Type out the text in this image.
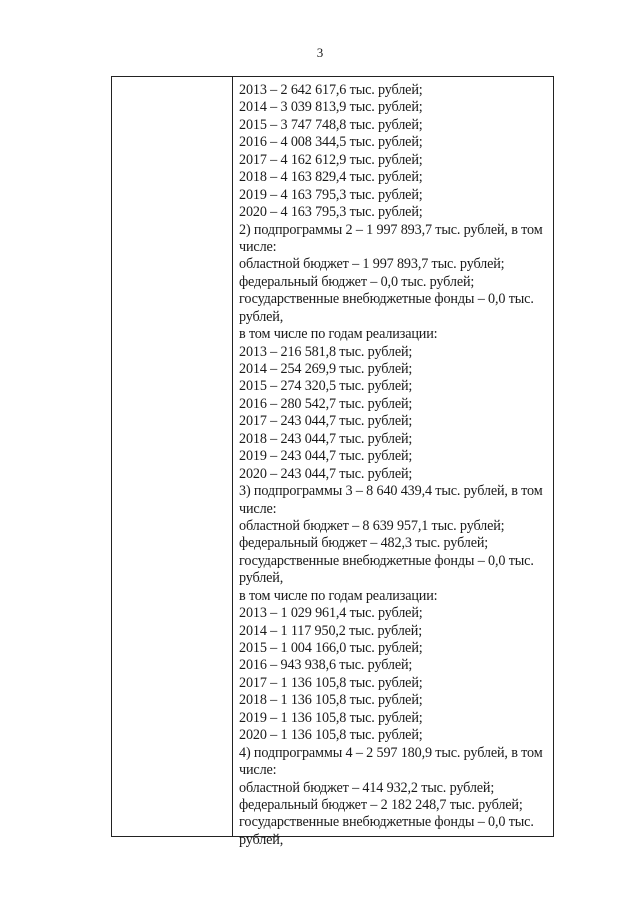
3
2013 – 2 642 617,6 тыс. рублей;
2014 – 3 039 813,9 тыс. рублей;
2015 – 3 747 748,8 тыс. рублей;
2016 – 4 008 344,5 тыс. рублей;
2017 – 4 162 612,9 тыс. рублей;
2018 – 4 163 829,4 тыс. рублей;
2019 – 4 163 795,3 тыс. рублей;
2020 – 4 163 795,3 тыс. рублей;
2) подпрограммы 2 – 1 997 893,7 тыс. рублей, в том
числе:
областной бюджет – 1 997 893,7 тыс. рублей;
федеральный бюджет – 0,0 тыс. рублей;
государственные внебюджетные фонды – 0,0 тыс.
рублей,
в том числе по годам реализации:
2013 – 216 581,8 тыс. рублей;
2014 – 254 269,9 тыс. рублей;
2015 – 274 320,5 тыс. рублей;
2016 – 280 542,7 тыс. рублей;
2017 – 243 044,7 тыс. рублей;
2018 – 243 044,7 тыс. рублей;
2019 – 243 044,7 тыс. рублей;
2020 – 243 044,7 тыс. рублей;
3) подпрограммы 3 – 8 640 439,4 тыс. рублей, в том
числе:
областной бюджет – 8 639 957,1 тыс. рублей;
федеральный бюджет – 482,3 тыс. рублей;
государственные внебюджетные фонды – 0,0 тыс.
рублей,
в том числе по годам реализации:
2013 – 1 029 961,4 тыс. рублей;
2014 – 1 117 950,2 тыс. рублей;
2015 – 1 004 166,0 тыс. рублей;
2016 – 943 938,6 тыс. рублей;
2017 – 1 136 105,8 тыс. рублей;
2018 – 1 136 105,8 тыс. рублей;
2019 – 1 136 105,8 тыс. рублей;
2020 – 1 136 105,8 тыс. рублей;
4) подпрограммы 4 – 2 597 180,9 тыс. рублей, в том
числе:
областной бюджет – 414 932,2 тыс. рублей;
федеральный бюджет – 2 182 248,7 тыс. рублей;
государственные внебюджетные фонды – 0,0 тыс.
рублей,
